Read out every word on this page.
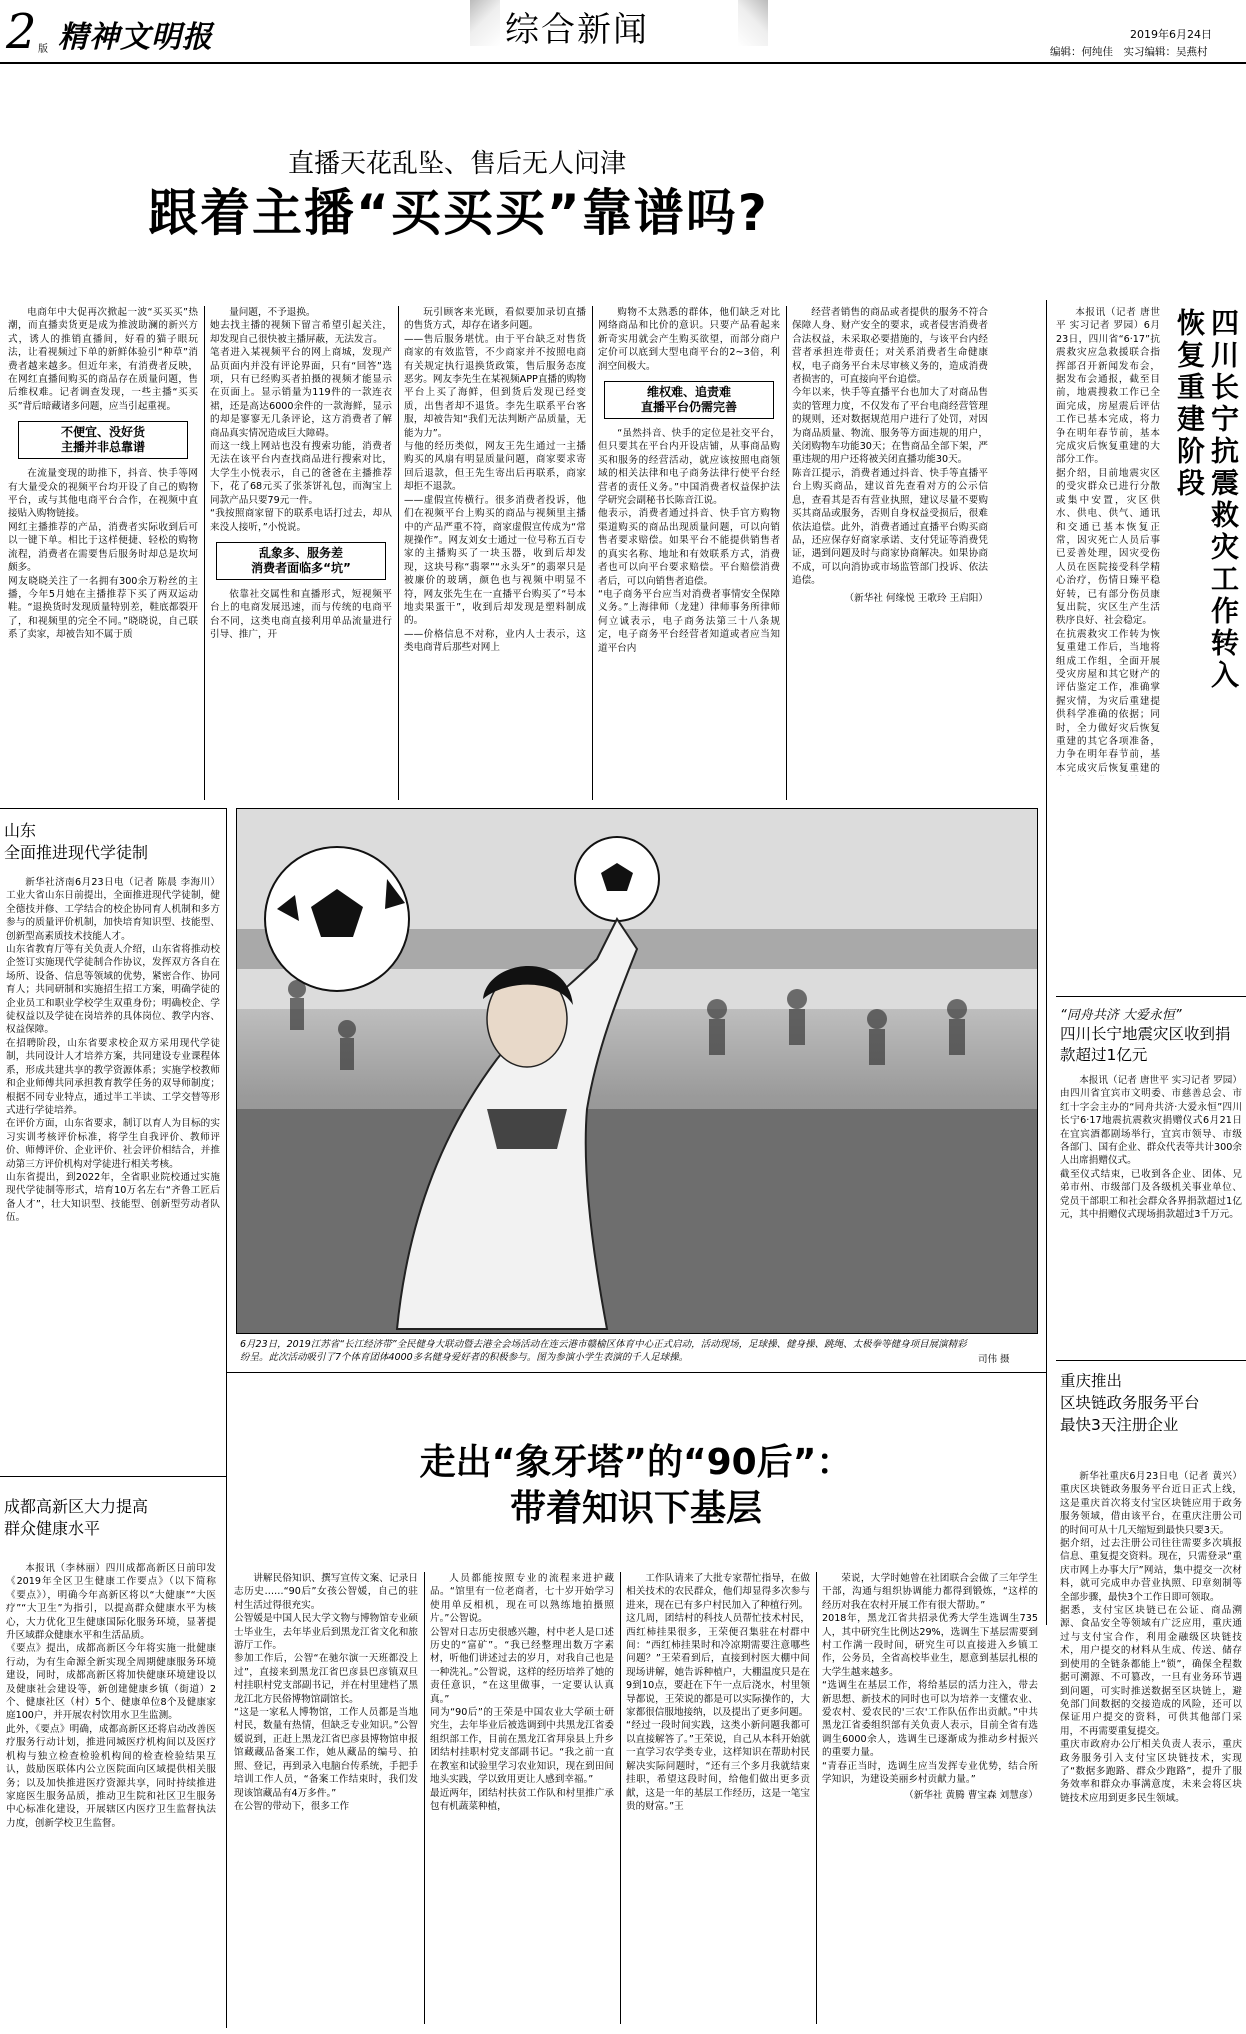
2 版 精神文明报	综合新闻	2019年6月24日
编辑：何纯佳　实习编辑：吴燕村
直播天花乱坠、售后无人问津
跟着主播“买买买”靠谱吗?

电商年中大促再次掀起一波“买买买”热潮，而直播卖货更是成为推波助澜的新兴方式，诱人的推销直播间，好看的猫子眼玩法，让看视频过下单的新鲜体验引“种草”消费者越来越多。但近年来，有消费者反映，在网红直播间购买的商品存在质量问题，售后维权难。记者调查发现，一些主播“买买买”背后暗藏诸多问题，应当引起重视。

不便宜、没好货
主播并非总靠谱

在流量变现的助推下，抖音、快手等网有大量受众的视频平台均开设了自己的购物平台，或与其他电商平台合作，在视频中直接贴入购物链接。
网红主播推荐的产品，消费者实际收到后可以一键下单。相比于这样便捷、轻松的购物流程，消费者在需要售后服务时却总是坎坷颇多。
网友晓晓关注了一名拥有300余万粉丝的主播，今年5月她在主播推荐下买了两双运动鞋。“退换货时发现质量特别差，鞋底都裂开了，和视频里的完全不同。”晓晓说，自己联系了卖家，却被告知不属于质

量问题，不予退换。
她去找主播的视频下留言希望引起关注，却发现自己很快被主播屏蔽，无法发言。
笔者进入某视频平台的网上商城，发现产品页面内并没有评论界面，只有“回答”选项，只有已经购买者拍摄的视频才能显示在页面上。显示销量为119件的一款连衣裙，还是高达6000余件的一款海鲜，显示的却是寥寥无几条评论，这方消费者了解商品真实情况造成巨大障碍。
而这一线上网站也没有搜索功能，消费者无法在该平台内查找商品进行搜索对比，大学生小悦表示，自己的爸爸在主播推荐下，花了68元买了张茶饼礼包，而淘宝上同款产品只要79元一件。
“我按照商家留下的联系电话打过去，却从来没人接听，”小悦说。

乱象多、服务差
消费者面临多“坑”

依靠社交属性和直播形式，短视频平台上的电商发展迅速，而与传统的电商平台不同，这类电商直接利用单品流量进行引导、推广，开

玩引顾客来光顾，看似要加录切直播的售货方式，却存在诸多问题。
——售后服务堪忧。由于平台缺乏对售货商家的有效监管，不少商家并不按照电商有关规定执行退换货政策，售后服务态度恶劣。网友李先生在某视频APP直播的购物平台上买了海鲜，但到货后发现已经变质，出售者却不退货。李先生联系平台客服，却被告知“我们无法判断产品质量，无能为力”。
与他的经历类似，网友王先生通过一主播购买的风扇有明显质量问题，商家要求寄回后退款，但王先生寄出后再联系，商家却拒不退款。
——虚假宣传横行。很多消费者投诉，他们在视频平台上购买的商品与视频里主播中的产品严重不符，商家虚假宣传成为“常规操作”。网友刘女士通过一位号称五百专家的主播购买了一块玉器，收到后却发现，这块号称“翡翠”“永头牙”的翡翠只是被廉价的玻璃，颜色也与视频中明显不符，网友张先生在一直播平台购买了“号本地卖果蛋干”，收到后却发现是塑料制成的。
——价格信息不对称，业内人士表示，这类电商背后那些对网上

购物不太熟悉的群体，他们缺乏对比网络商品和比价的意识。只要产品看起来新奇实用就会产生购买欲望，而部分商户定价可以底到大型电商平台的2~3倍，利润空间极大。

维权难、追责难
直播平台仍需完善

“虽然抖音、快手的定位是社交平台，但只要其在平台内开设店铺，从事商品购买和服务的经营活动，就应该按照电商领域的相关法律和电子商务法律行使平台经营者的责任义务。”中国消费者权益保护法学研究会副秘书长陈音江说。
他表示，消费者通过抖音、快手官方购物渠道购买的商品出现质量问题，可以向销售者要求赔偿。如果平台不能提供销售者的真实名称、地址和有效联系方式，消费者也可以向平台要求赔偿。平台赔偿消费者后，可以向销售者追偿。
“电子商务平台应当对消费者事情安全保障义务。”上海律师（龙建）律师事务所律师何立诚表示，电子商务法第三十八条规定，电子商务平台经营者知道或者应当知道平台内

经营者销售的商品或者提供的服务不符合保障人身、财产安全的要求，或者侵害消费者合法权益，未采取必要措施的，与该平台内经营者承担连带责任；对关系消费者生命健康权，电子商务平台未尽审核义务的，造成消费者损害的，可直接向平台追偿。
今年以来，快手等直播平台也加大了对商品售卖的管理力度，不仅发布了平台电商经营管理的规则，还对数据规范用户进行了处罚，对因为商品质量、物流、服务等方面违规的用户，关闭购物车功能30天；在售商品全部下架，严重违规的用户还将被关闭直播功能30天。
陈音江提示，消费者通过抖音、快手等直播平台上购买商品，建议首先查看对方的公示信息，查看其是否有营业执照，建议尽量不要购买其商品或服务，否则自身权益受损后，很难依法追偿。此外，消费者通过直播平台购买商品，还应保存好商家承诺、支付凭证等消费凭证，遇到问题及时与商家协商解决。如果协商不成，可以向消协或市场监管部门投诉、依法追偿。

（新华社 何缘悦 王歌玲 王启阳）	四川长宁抗震救灾工作转入恢复重建阶段

本报讯（记者 唐世平 实习记者 罗园）6月23日，四川省“6·17”抗震救灾应急救援联合指挥部召开新闻发布会，据发布会通报，截至目前，地震搜救工作已全面完成，房屋震后评估工作已基本完成，将力争在明年春节前，基本完成灾后恢复重建的大部分工作。
据介绍，目前地震灾区的受灾群众已进行分散或集中安置，灾区供水、供电、供气、通讯和交通已基本恢复正常，因灾死亡人员后事已妥善处理，因灾受伤人员在医院接受科学精心治疗，伤情日臻平稳好转，已有部分伤员康复出院，灾区生产生活秩序良好、社会稳定。
在抗震救灾工作转为恢复重建工作后，当地将组成工作组，全面开展受灾房屋和其它财产的评估鉴定工作，准确掌握灾情，为灾后重建提供科学准确的依据；同时，全力做好灾后恢复重建的其它各项准备，力争在明年春节前，基本完成灾后恢复重建的

“同舟共济 大爱永恒”
四川长宁地震灾区收到捐款超过1亿元

本报讯（记者 唐世平 实习记者 罗园）由四川省宜宾市文明委、市慈善总会、市红十字会主办的“同舟共济·大爱永恒”四川长宁6·17地震抗震救灾捐赠仪式6月21日在宜宾酒都剧场举行，宜宾市领导、市级各部门、国有企业、群众代表等共计300余人出席捐赠仪式。
截至仪式结束，已收到各企业、团体、兄弟市州、市级部门及各级机关事业单位、党员干部职工和社会群众各界捐款超过1亿元，其中捐赠仪式现场捐款超过3千万元。

重庆推出
区块链政务服务平台
最快3天注册企业

新华社重庆6月23日电（记者 黄兴）重庆区块链政务服务平台近日正式上线，这是重庆首次将支付宝区块链应用于政务服务领域，借由该平台，在重庆注册公司的时间可从十几天缩短到最快只要3天。
据介绍，过去注册公司往往需要多次填报信息、重复提交资料。现在，只需登录“重庆市网上办事大厅”网站，集中提交一次材料，就可完成申办营业执照、印章刻制等全部步骤，最快3个工作日即可领取。
据悉，支付宝区块链已在公证、商品溯源、食品安全等领域有广泛应用，重庆通过与支付宝合作，利用金融级区块链技术，用户提交的材料从生成、传送、储存到使用的全链条都能上“锁”，确保全程数据可溯源、不可篡改，一旦有业务环节遇到问题，可实时推送数据至区块链上，避免部门间数据的交接造成的风险，还可以保证用户提交的资料，可供其他部门采用，不再需要重复提交。
重庆市政府办公厅相关负责人表示，重庆政务服务引入支付宝区块链技术，实现了“数据多跑路、群众少跑路”，提升了服务效率和群众办事满意度，未来会将区块链技术应用到更多民生领域。

山东
全面推进现代学徒制

新华社济南6月23日电（记者 陈晨 李海川）工业大省山东日前提出，全面推进现代学徒制，健全德技并修、工学结合的校企协同育人机制和多方参与的质量评价机制，加快培育知识型、技能型、创新型高素质技术技能人才。
山东省教育厅等有关负责人介绍，山东省将推动校企签订实施现代学徒制合作协议，发挥双方各自在场所、设备、信息等领域的优势，紧密合作、协同育人；共同研制和实施招生招工方案，明确学徒的企业员工和职业学校学生双重身份；明确校企、学徒权益以及学徒在岗培养的具体岗位、教学内容、权益保障。
在招聘阶段，山东省要求校企双方采用现代学徒制，共同设计人才培养方案，共同建设专业课程体系，形成共建共享的教学资源体系；实施学校教师和企业师傅共同承担教育教学任务的双导师制度；根据不同专业特点，通过半工半读、工学交替等形式进行学徒培养。
在评价方面，山东省要求，制订以育人为目标的实习实训考核评价标准，将学生自我评价、教师评价、师傅评价、企业评价、社会评价相结合，并推动第三方评价机构对学徒进行相关考核。
山东省提出，到2022年，全省职业院校通过实施现代学徒制等形式，培育10万名左右“齐鲁工匠后备人才”，壮大知识型、技能型、创新型劳动者队伍。

成都高新区大力提高
群众健康水平

本报讯（李林丽）四川成都高新区日前印发《2019年全区卫生健康工作要点》（以下简称《要点》），明确今年高新区将以“大健康”“大医疗”“大卫生”为指引，以提高群众健康水平为核心，大力优化卫生健康国际化服务环境，显著提升区域群众健康水平和生活品质。
《要点》提出，成都高新区今年将实施一批健康行动，为有生命源全新实现全周期健康服务环境建设，同时，成都高新区将加快健康环境建设以及健康社会建设等，新创建健康乡镇（街道）2个、健康社区（村）5个、健康单位8个及健康家庭100户，并开展农村饮用水卫生监测。
此外，《要点》明确，成都高新区还将启动改善医疗服务行动计划，推进同城医疗机构间以及医疗机构与独立检查检验机构间的检查检验结果互认，鼓励医联体内公立医院面向区域提供相关服务；以及加快推进医疗资源共享，同时持续推进家庭医生服务品质，推动卫生院和社区卫生服务中心标准化建设，开展辖区内医疗卫生监督执法力度，创新学校卫生监督。

6月23日，2019江苏省“长江经济带”全民健身大联动暨去港全会场活动在连云港市赣榆区体育中心正式启动，活动现场，足球操、健身操、跳绳、太极拳等健身项目展演精彩纷呈。此次活动吸引了7个体育团体4000多名健身爱好者的积极参与。图为参演小学生表演的千人足球操。	司伟 摄
走出“象牙塔”的“90后”：
带着知识下基层

讲解民俗知识、撰写宣传文案、记录日志历史……“90后”女孩公智媛，自己的驻村生活过得很充实。
公智媛是中国人民大学文物与博物馆专业硕士毕业生，去年毕业后到黑龙江省文化和旅游厅工作。
参加工作后，公智“在驰尔演一天班都没上过”，直接来到黑龙江省巴彦县巴彦镇双旦村挂职村党支部副书记，并在村里建档了黑龙江北方民俗博物馆副馆长。
“这是一家私人博物馆，工作人员都是当地村民，数量有热情，但缺乏专业知识。”公智媛说到，正赶上黑龙江省巴彦县博物馆申报馆藏藏品备案工作，她从藏品的编号、拍照、登记，再到录入电脑台传系统，手把手培训工作人员，“备案工作结束时，我们发现该馆藏品有4万多件。”
在公智的带动下，很多工作

人员都能按照专业的流程来进护藏品。“馆里有一位老商者，七十岁开始学习使用单反相机，现在可以熟练地拍摄照片。”公智说。
公智对日志历史很感兴趣，村中老人是口述历史的“富矿”。“我已经整理出数万字素材，听他们讲述过去的岁月，对我自己也是一种洗礼。”公智说，这样的经历培养了她的责任意识，“在这里做事，一定要认认真真。”
同为“90后”的王荣是中国农业大学硕士研究生，去年毕业后被选调到中共黑龙江省委组织部工作，目前在黑龙江省拜泉县上升乡团结村挂职村党支部副书记。“我之前一直在教室和试验里学习农业知识，现在到田间地头实践，学以致用更让人感到幸福。”
最近两年，团结村扶贫工作队和村里推广承包有机蔬菜种植，

工作队请来了大批专家帮忙指导，在做相关技术的农民群众，他们却显得多次参与进来，现在已有多户村民加入了种植行列。
这几周，团结村的科技人员帮忙技术村民，西红柿挂果很多，王荣便召集驻在村群中间：“西红柿挂果时和冷凉期需要注意哪些问题？”王荣看到后，直接到村医大棚中间现场讲解，她告诉种植户，大棚温度只是在9到10点，要赶在下午一点后浇水，村里领导都说，王荣说的都是可以实际操作的，大家都很信服地接纳，以及提出了更多问题。
“经过一段时间实践，这类小新问题我都可以直接解答了。”王荣说，自己从本科开始就一直学习农学类专业，这样知识在帮助村民解决实际问题时，“还有三个多月我就结束挂职，希望这段时间，给他们做出更多贡献，这是一年的基层工作经历，这是一笔宝贵的财富。”王

荣说，大学时她曾在社团联合会做了三年学生干部，沟通与组织协调能力都得到锻炼，“这样的经历对我在农村开展工作有很大帮助。”
2018年，黑龙江省共招录优秀大学生选调生735人，其中研究生比例达29%，选调生下基层需要到村工作满一段时间，研究生可以直接进入乡镇工作，公务员，全省高校毕业生，愿意到基层扎根的大学生越来越多。
“选调生在基层工作，将给基层的活力注入，带去新思想、新技术的同时也可以为培养一支懂农业、爱农村、爱农民的'三农'工作队伍作出贡献。”中共黑龙江省委组织部有关负责人表示，目前全省有选调生6000余人，选调生已逐渐成为推动乡村振兴的重要力量。
“青春正当时，选调生应当发挥专业优势，结合所学知识，为建设美丽乡村贡献力量。”

（新华社 黄腾 曹宝森 刘慧彦）
